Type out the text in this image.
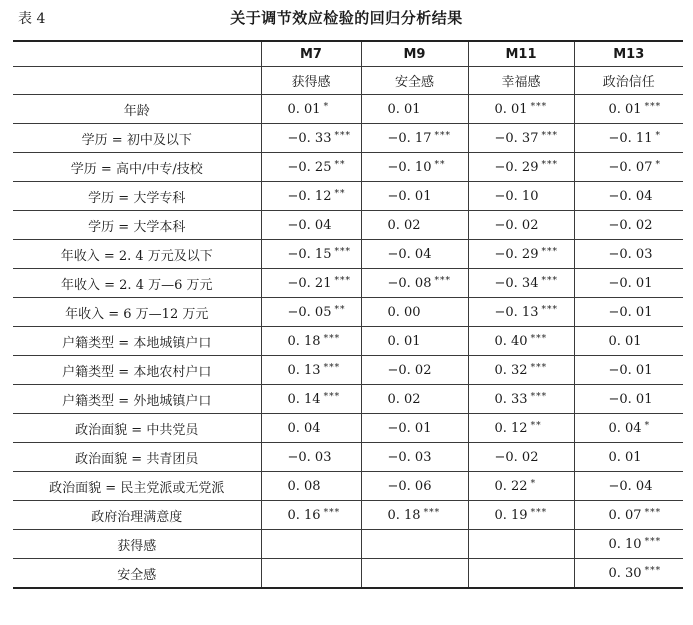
表 4	关于调节效应检验的回归分析结果
	M7	M9	M11	M13
	获得感	安全感	幸福感	政治信任
年龄	0. 01 *	0. 01	0. 01 ***	0. 01 ***
学历 = 初中及以下	−0. 33 ***	−0. 17 ***	−0. 37 ***	−0. 11 *
学历 = 高中/中专/技校	−0. 25 **	−0. 10 **	−0. 29 ***	−0. 07 *
学历 = 大学专科	−0. 12 **	−0. 01	−0. 10	−0. 04
学历 = 大学本科	−0. 04	0. 02	−0. 02	−0. 02
年收入 = 2. 4 万元及以下	−0. 15 ***	−0. 04	−0. 29 ***	−0. 03
年收入 = 2. 4 万—6 万元	−0. 21 ***	−0. 08 ***	−0. 34 ***	−0. 01
年收入 = 6 万—12 万元	−0. 05 **	0. 00	−0. 13 ***	−0. 01
户籍类型 = 本地城镇户口	0. 18 ***	0. 01	0. 40 ***	0. 01
户籍类型 = 本地农村户口	0. 13 ***	−0. 02	0. 32 ***	−0. 01
户籍类型 = 外地城镇户口	0. 14 ***	0. 02	0. 33 ***	−0. 01
政治面貌 = 中共党员	0. 04	−0. 01	0. 12 **	0. 04 *
政治面貌 = 共青团员	−0. 03	−0. 03	−0. 02	0. 01
政治面貌 = 民主党派或无党派	0. 08	−0. 06	0. 22 *	−0. 04
政府治理满意度	0. 16 ***	0. 18 ***	0. 19 ***	0. 07 ***
获得感				0. 10 ***
安全感				0. 30 ***
